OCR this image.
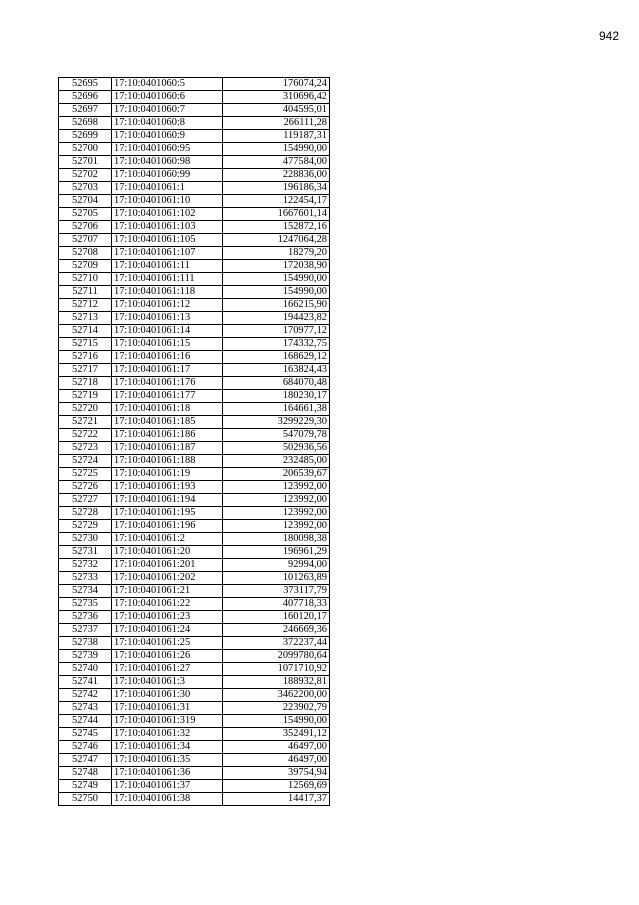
942
52695	17:10:0401060:5	176074,24
52696	17:10:0401060:6	310696,42
52697	17:10:0401060:7	404595,01
52698	17:10:0401060:8	266111,28
52699	17:10:0401060:9	119187,31
52700	17:10:0401060:95	154990,00
52701	17:10:0401060:98	477584,00
52702	17:10:0401060:99	228836,00
52703	17:10:0401061:1	196186,34
52704	17:10:0401061:10	122454,17
52705	17:10:0401061:102	1667601,14
52706	17:10:0401061:103	152872,16
52707	17:10:0401061:105	1247064,28
52708	17:10:0401061:107	18279,20
52709	17:10:0401061:11	172038,90
52710	17:10:0401061:111	154990,00
52711	17:10:0401061:118	154990,00
52712	17:10:0401061:12	166215,90
52713	17:10:0401061:13	194423,82
52714	17:10:0401061:14	170977,12
52715	17:10:0401061:15	174332,75
52716	17:10:0401061:16	168629,12
52717	17:10:0401061:17	163824,43
52718	17:10:0401061:176	684070,48
52719	17:10:0401061:177	180230,17
52720	17:10:0401061:18	164661,38
52721	17:10:0401061:185	3299229,30
52722	17:10:0401061:186	547079,78
52723	17:10:0401061:187	502936,56
52724	17:10:0401061:188	232485,00
52725	17:10:0401061:19	206539,67
52726	17:10:0401061:193	123992,00
52727	17:10:0401061:194	123992,00
52728	17:10:0401061:195	123992,00
52729	17:10:0401061:196	123992,00
52730	17:10:0401061:2	180098,38
52731	17:10:0401061:20	196961,29
52732	17:10:0401061:201	92994,00
52733	17:10:0401061:202	101263,89
52734	17:10:0401061:21	373117,79
52735	17:10:0401061:22	407718,33
52736	17:10:0401061:23	160120,17
52737	17:10:0401061:24	246669,36
52738	17:10:0401061:25	372237,44
52739	17:10:0401061:26	2099780,64
52740	17:10:0401061:27	1071710,92
52741	17:10:0401061:3	188932,81
52742	17:10:0401061:30	3462200,00
52743	17:10:0401061:31	223902,79
52744	17:10:0401061:319	154990,00
52745	17:10:0401061:32	352491,12
52746	17:10:0401061:34	46497,00
52747	17:10:0401061:35	46497,00
52748	17:10:0401061:36	39754,94
52749	17:10:0401061:37	12569,69
52750	17:10:0401061:38	14417,37
